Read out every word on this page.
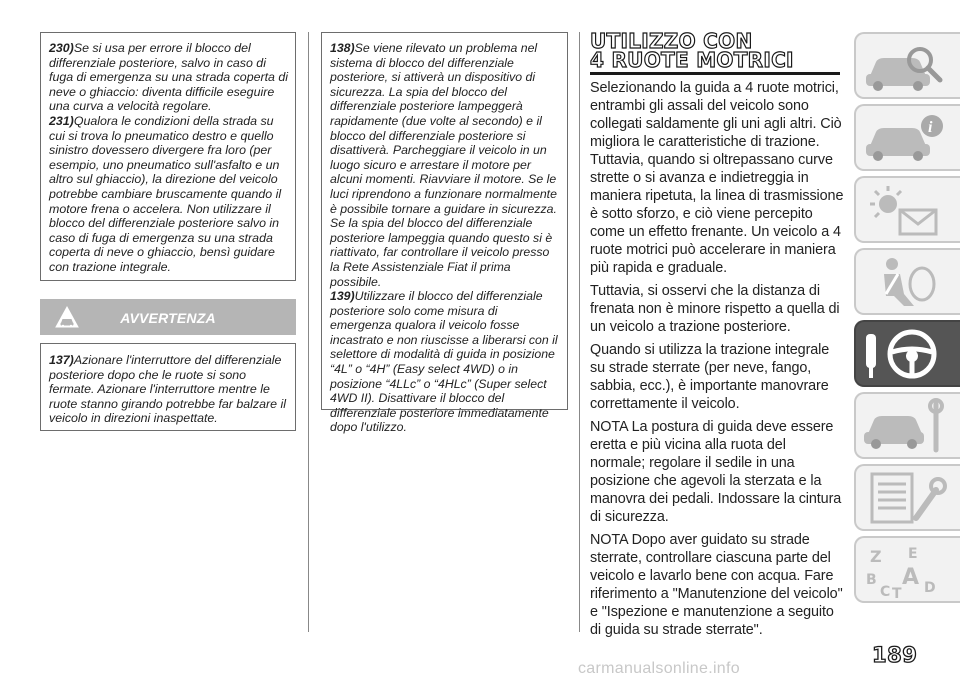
230)Se si usa per errore il blocco del differenziale posteriore, salvo in caso di fuga di emergenza su una strada coperta di neve o ghiaccio: diventa difficile eseguire una curva a velocità regolare.

231)Qualora le condizioni della strada su cui si trova lo pneumatico destro e quello sinistro dovessero divergere fra loro (per esempio, uno pneumatico sull'asfalto e un altro sul ghiaccio), la direzione del veicolo potrebbe cambiare bruscamente quando il motore frena o accelera. Non utilizzare il blocco del differenziale posteriore salvo in caso di fuga di emergenza su una strada coperta di neve o ghiaccio, bensì guidare con trazione integrale.

AVVERTENZA

137)Azionare l'interruttore del differenziale posteriore dopo che le ruote si sono fermate. Azionare l'interruttore mentre le ruote stanno girando potrebbe far balzare il veicolo in direzioni inaspettate.

138)Se viene rilevato un problema nel sistema di blocco del differenziale posteriore, si attiverà un dispositivo di sicurezza. La spia del blocco del differenziale posteriore lampeggerà rapidamente (due volte al secondo) e il blocco del differenziale posteriore si disattiverà. Parcheggiare il veicolo in un luogo sicuro e arrestare il motore per alcuni momenti. Riavviare il motore. Se le luci riprendono a funzionare normalmente è possibile tornare a guidare in sicurezza. Se la spia del blocco del differenziale posteriore lampeggia quando questo si è riattivato, far controllare il veicolo presso la Rete Assistenziale Fiat il prima possibile.

139)Utilizzare il blocco del differenziale posteriore solo come misura di emergenza qualora il veicolo fosse incastrato e non riuscisse a liberarsi con il selettore di modalità di guida in posizione “4L” o “4H” (Easy select 4WD) o in posizione “4LLc” o “4HLc” (Super select 4WD II). Disattivare il blocco del differenziale posteriore immediatamente dopo l'utilizzo.

UTILIZZO CON
4 RUOTE MOTRICI

Selezionando la guida a 4 ruote motrici, entrambi gli assali del veicolo sono collegati saldamente gli uni agli altri. Ciò migliora le caratteristiche di trazione. Tuttavia, quando si oltrepassano curve strette o si avanza e indietreggia in maniera ripetuta, la linea di trasmissione è sotto sforzo, e ciò viene percepito come un effetto frenante. Un veicolo a 4 ruote motrici può accelerare in maniera più rapida e graduale.

Tuttavia, si osservi che la distanza di frenata non è minore rispetto a quella di un veicolo a trazione posteriore.

Quando si utilizza la trazione integrale su strade sterrate (per neve, fango, sabbia, ecc.), è importante manovrare correttamente il veicolo.

NOTA La postura di guida deve essere eretta e più vicina alla ruota del normale; regolare il sedile in una posizione che agevoli la sterzata e la manovra dei pedali. Indossare la cintura di sicurezza.

NOTA Dopo aver guidato su strade sterrate, controllare ciascuna parte del veicolo e lavarlo bene con acqua. Fare riferimento a "Manutenzione del veicolo" e "Ispezione e manutenzione a seguito di guida su strade sterrate".

i
Z E
B A
C T D
189
carmanualsonline.info
